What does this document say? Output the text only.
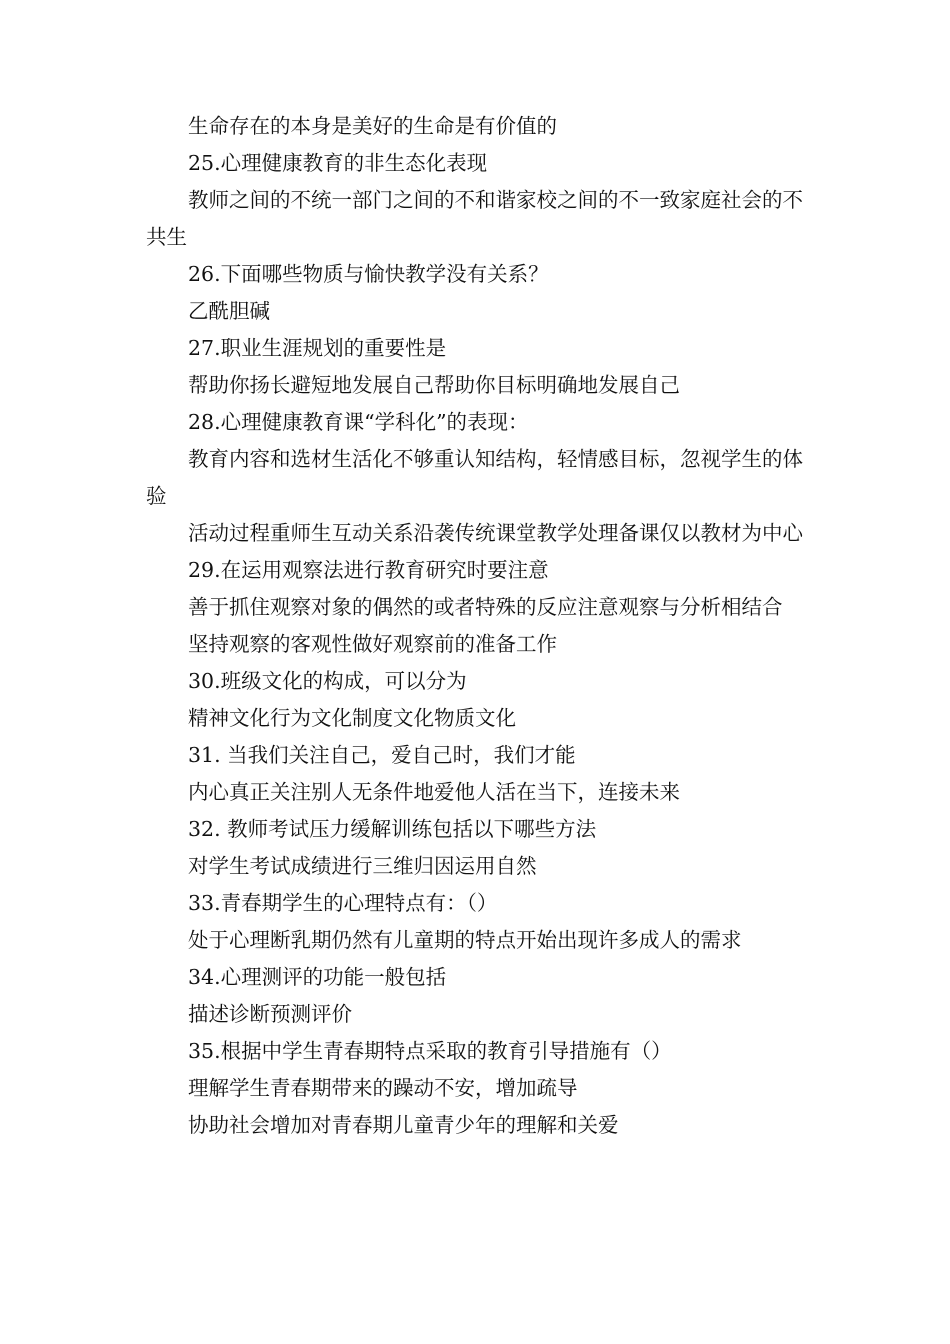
生命存在的本身是美好的生命是有价值的

25.心理健康教育的非生态化表现

教师之间的不统一部门之间的不和谐家校之间的不一致家庭社会的不共生

26.下面哪些物质与愉快教学没有关系？

乙酰胆碱

27.职业生涯规划的重要性是

帮助你扬长避短地发展自己帮助你目标明确地发展自己

28.心理健康教育课“学科化”的表现：

教育内容和选材生活化不够重认知结构，轻情感目标，忽视学生的体验

活动过程重师生互动关系沿袭传统课堂教学处理备课仅以教材为中心

29.在运用观察法进行教育研究时要注意

善于抓住观察对象的偶然的或者特殊的反应注意观察与分析相结合

坚持观察的客观性做好观察前的准备工作

30.班级文化的构成，可以分为

精神文化行为文化制度文化物质文化

31. 当我们关注自己，爱自己时，我们才能

内心真正关注别人无条件地爱他人活在当下，连接未来

32. 教师考试压力缓解训练包括以下哪些方法

对学生考试成绩进行三维归因运用自然

33.青春期学生的心理特点有：（）

处于心理断乳期仍然有儿童期的特点开始出现许多成人的需求

34.心理测评的功能一般包括

描述诊断预测评价

35.根据中学生青春期特点采取的教育引导措施有（）

理解学生青春期带来的躁动不安，增加疏导

协助社会增加对青春期儿童青少年的理解和关爱
